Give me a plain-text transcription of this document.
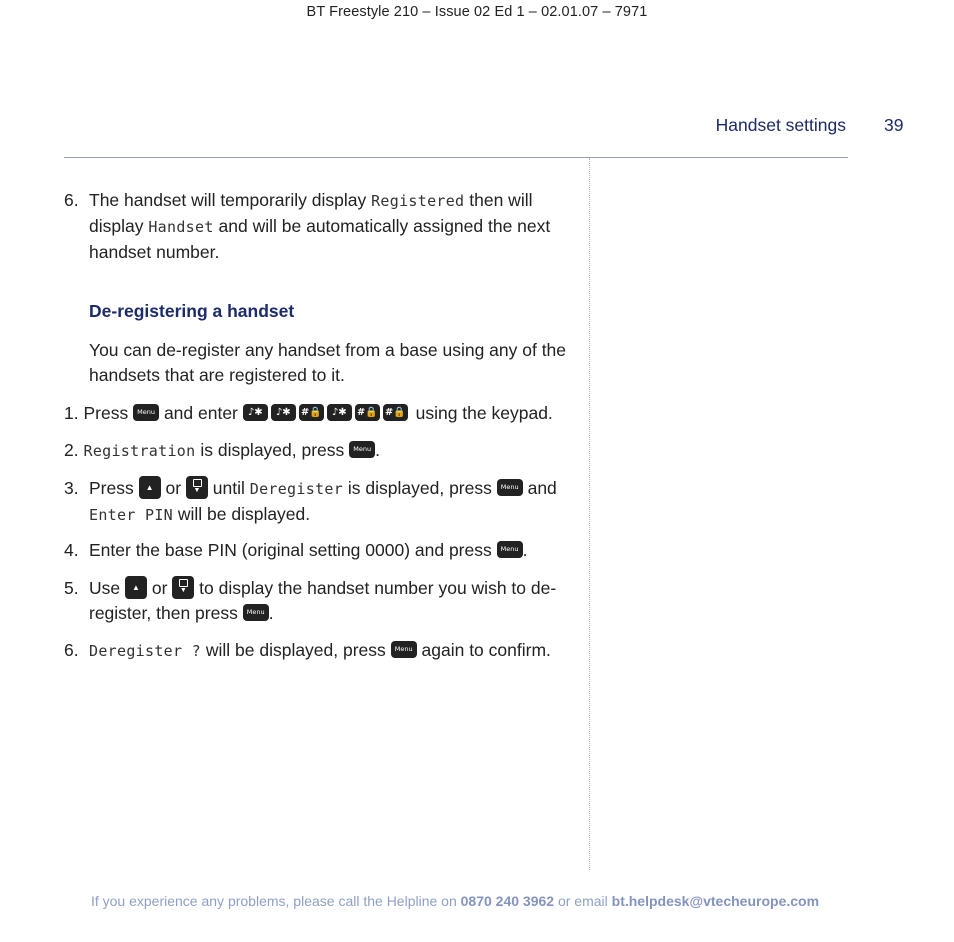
BT Freestyle 210 – Issue 02 Ed 1 – 02.01.07 – 7971
Handset settings 39
6. The handset will temporarily display Registered then will display Handset and will be automatically assigned the next handset number.
De-registering a handset
You can de-register any handset from a base using any of the handsets that are registered to it.
1. Press Menu and enter ♪✱ ♪✱ #🔒 ♪✱ #🔒 #🔒 using the keypad.
2. Registration is displayed, press Menu .
3. Press ▲ or	▼ until Deregister is displayed, press Menu and Enter PIN will be displayed.
4. Enter the base PIN (original setting 0000) and press Menu .
5. Use ▲ or	▼ to display the handset number you wish to de-register, then press Menu .
6. Deregister ? will be displayed, press Menu again to confirm.
If you experience any problems, please call the Helpline on 0870 240 3962 or email bt.helpdesk@vtecheurope.com
